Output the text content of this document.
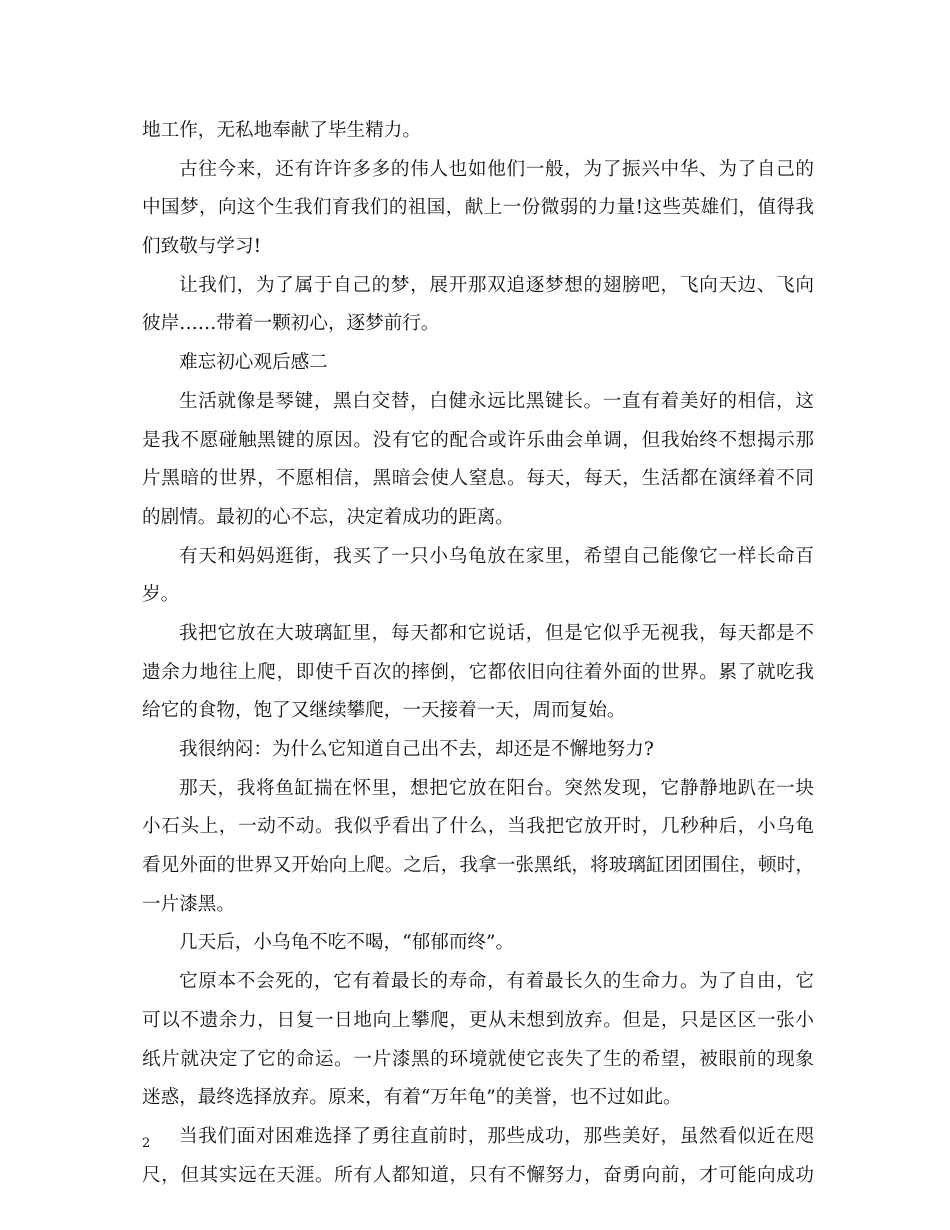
地工作，无私地奉献了毕生精力。
古往今来，还有许许多多的伟人也如他们一般，为了振兴中华、为了自己的
中国梦，向这个生我们育我们的祖国，献上一份微弱的力量!这些英雄们，值得我
们致敬与学习!
让我们，为了属于自己的梦，展开那双追逐梦想的翅膀吧，飞向天边、飞向
彼岸……带着一颗初心，逐梦前行。
难忘初心观后感二
生活就像是琴键，黑白交替，白健永远比黑键长。一直有着美好的相信，这
是我不愿碰触黑键的原因。没有它的配合或许乐曲会单调，但我始终不想揭示那
片黑暗的世界，不愿相信，黑暗会使人窒息。每天，每天，生活都在演绎着不同
的剧情。最初的心不忘，决定着成功的距离。
有天和妈妈逛街，我买了一只小乌龟放在家里，希望自己能像它一样长命百
岁。
我把它放在大玻璃缸里，每天都和它说话，但是它似乎无视我，每天都是不
遗余力地往上爬，即使千百次的摔倒，它都依旧向往着外面的世界。累了就吃我
给它的食物，饱了又继续攀爬，一天接着一天，周而复始。
我很纳闷：为什么它知道自己出不去，却还是不懈地努力?
那天，我将鱼缸揣在怀里，想把它放在阳台。突然发现，它静静地趴在一块
小石头上，一动不动。我似乎看出了什么，当我把它放开时，几秒种后，小乌龟
看见外面的世界又开始向上爬。之后，我拿一张黑纸，将玻璃缸团团围住，顿时，
一片漆黑。
几天后，小乌龟不吃不喝，“郁郁而终”。
它原本不会死的，它有着最长的寿命，有着最长久的生命力。为了自由，它
可以不遗余力，日复一日地向上攀爬，更从未想到放弃。但是，只是区区一张小
纸片就决定了它的命运。一片漆黑的环境就使它丧失了生的希望，被眼前的现象
迷惑，最终选择放弃。原来，有着“万年龟”的美誉，也不过如此。
当我们面对困难选择了勇往直前时，那些成功，那些美好，虽然看似近在咫
尺，但其实远在天涯。所有人都知道，只有不懈努力，奋勇向前，才可能向成功
2
